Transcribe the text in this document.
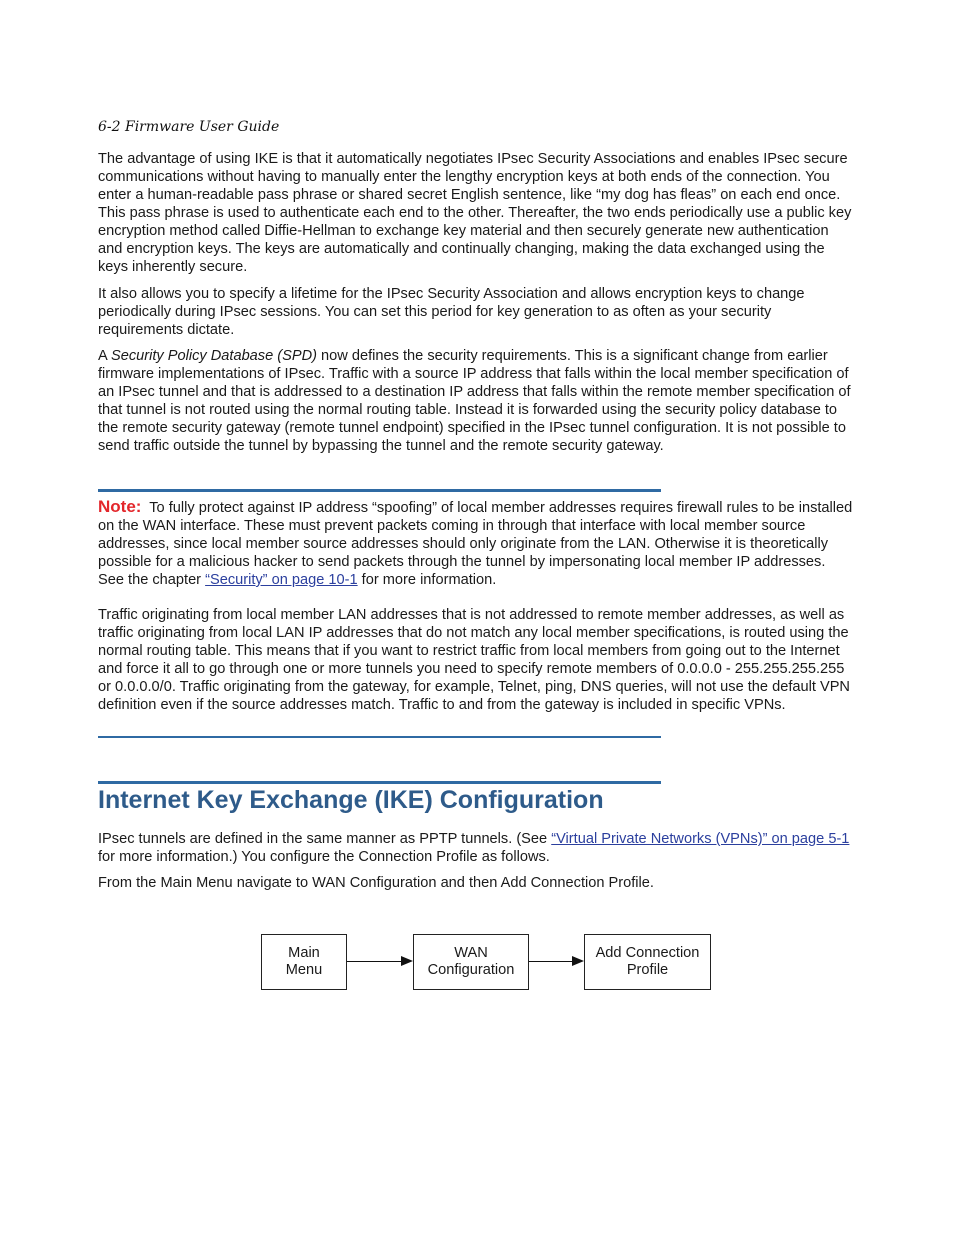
6-2 Firmware User Guide

The advantage of using IKE is that it automatically negotiates IPsec Security Associations and enables IPsec secure communications without having to manually enter the lengthy encryption keys at both ends of the connection. You enter a human-readable pass phrase or shared secret English sentence, like “my dog has fleas” on each end once. This pass phrase is used to authenticate each end to the other. Thereafter, the two ends periodically use a public key encryption method called Diffie-Hellman to exchange key material and then securely generate new authentication and encryption keys. The keys are automatically and continually changing, making the data exchanged using the keys inherently secure.

It also allows you to specify a lifetime for the IPsec Security Association and allows encryption keys to change periodically during IPsec sessions. You can set this period for key generation to as often as your security requirements dictate.

A Security Policy Database (SPD) now defines the security requirements. This is a significant change from earlier firmware implementations of IPsec. Traffic with a source IP address that falls within the local member specification of an IPsec tunnel and that is addressed to a destination IP address that falls within the remote member specification of that tunnel is not routed using the normal routing table. Instead it is forwarded using the security policy database to the remote security gateway (remote tunnel endpoint) specified in the IPsec tunnel configuration. It is not possible to send traffic outside the tunnel by bypassing the tunnel and the remote security gateway.

Note: To fully protect against IP address “spoofing” of local member addresses requires firewall rules to be installed on the WAN interface. These must prevent packets coming in through that interface with local member source addresses, since local member source addresses should only originate from the LAN. Otherwise it is theoretically possible for a malicious hacker to send packets through the tunnel by impersonating local member IP addresses. See the chapter “Security” on page 10-1 for more information.

Traffic originating from local member LAN addresses that is not addressed to remote member addresses, as well as traffic originating from local LAN IP addresses that do not match any local member specifications, is routed using the normal routing table. This means that if you want to restrict traffic from local members from going out to the Internet and force it all to go through one or more tunnels you need to specify remote members of 0.0.0.0 - 255.255.255.255 or 0.0.0.0/0. Traffic originating from the gateway, for example, Telnet, ping, DNS queries, will not use the default VPN definition even if the source addresses match. Traffic to and from the gateway is included in specific VPNs.

Internet Key Exchange (IKE) Configuration

IPsec tunnels are defined in the same manner as PPTP tunnels. (See “Virtual Private Networks (VPNs)” on page 5-1 for more information.) You configure the Connection Profile as follows.

From the Main Menu navigate to WAN Configuration and then Add Connection Profile.

Main Menu
WAN Configuration
Add Connection Profile
